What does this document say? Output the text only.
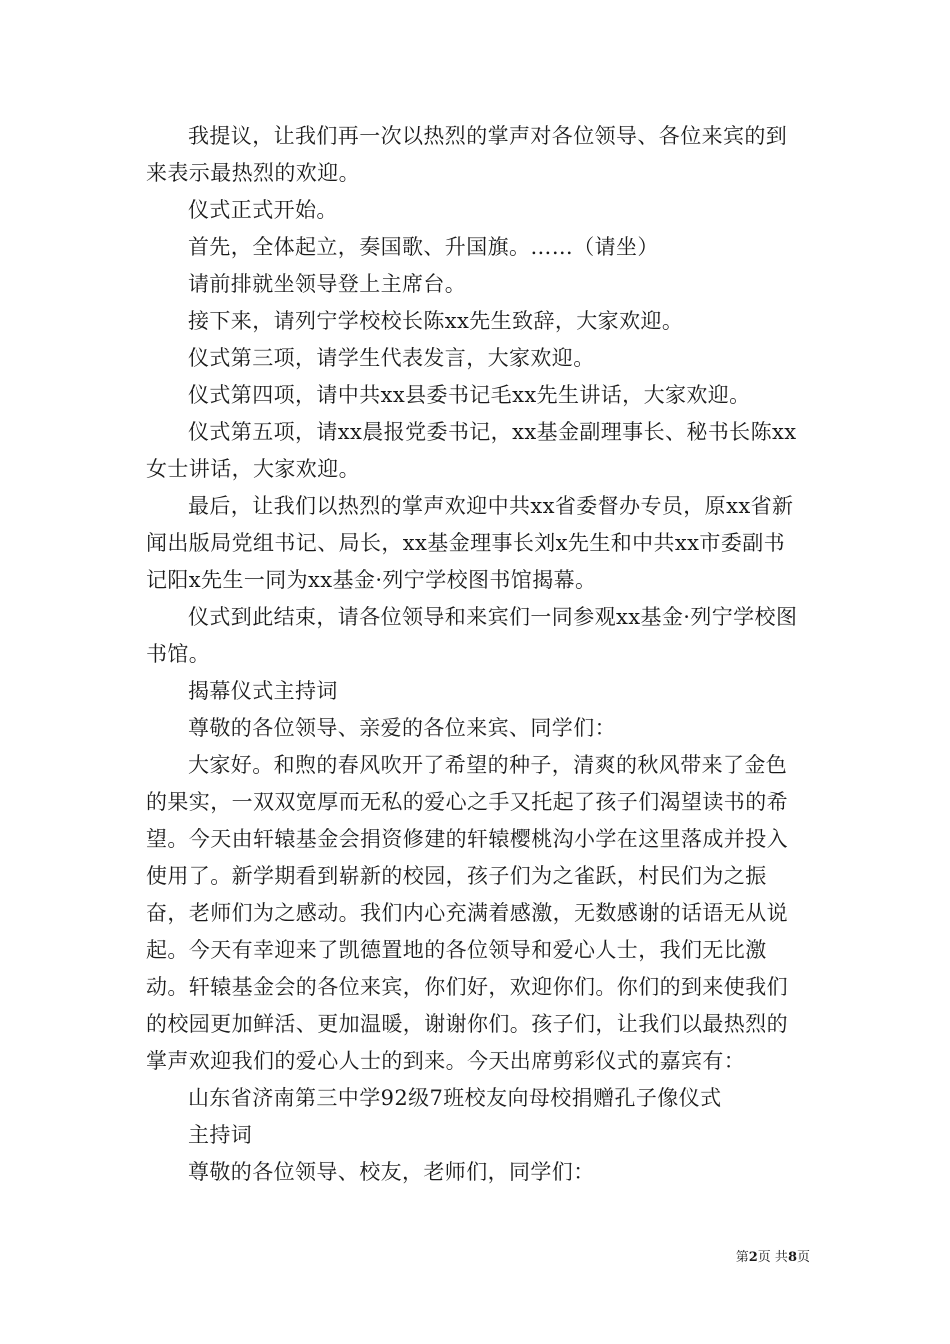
我提议，让我们再一次以热烈的掌声对各位领导、各位来宾的到来表示最热烈的欢迎。

仪式正式开始。

首先，全体起立，奏国歌、升国旗。……（请坐）

请前排就坐领导登上主席台。

接下来，请列宁学校校长陈xx先生致辞，大家欢迎。

仪式第三项，请学生代表发言，大家欢迎。

仪式第四项，请中共xx县委书记毛xx先生讲话，大家欢迎。

仪式第五项，请xx晨报党委书记，xx基金副理事长、秘书长陈xx女士讲话，大家欢迎。

最后，让我们以热烈的掌声欢迎中共xx省委督办专员，原xx省新闻出版局党组书记、局长，xx基金理事长刘x先生和中共xx市委副书记阳x先生一同为xx基金·列宁学校图书馆揭幕。

仪式到此结束，请各位领导和来宾们一同参观xx基金·列宁学校图书馆。

揭幕仪式主持词

尊敬的各位领导、亲爱的各位来宾、同学们：

大家好。和煦的春风吹开了希望的种子，清爽的秋风带来了金色的果实，一双双宽厚而无私的爱心之手又托起了孩子们渴望读书的希望。今天由轩辕基金会捐资修建的轩辕樱桃沟小学在这里落成并投入使用了。新学期看到崭新的校园，孩子们为之雀跃，村民们为之振奋，老师们为之感动。我们内心充满着感激，无数感谢的话语无从说起。今天有幸迎来了凯德置地的各位领导和爱心人士，我们无比激动。轩辕基金会的各位来宾，你们好，欢迎你们。你们的到来使我们的校园更加鲜活、更加温暖，谢谢你们。孩子们，让我们以最热烈的掌声欢迎我们的爱心人士的到来。今天出席剪彩仪式的嘉宾有：

山东省济南第三中学92级7班校友向母校捐赠孔子像仪式

主持词

尊敬的各位领导、校友，老师们，同学们：

第2页 共8页
